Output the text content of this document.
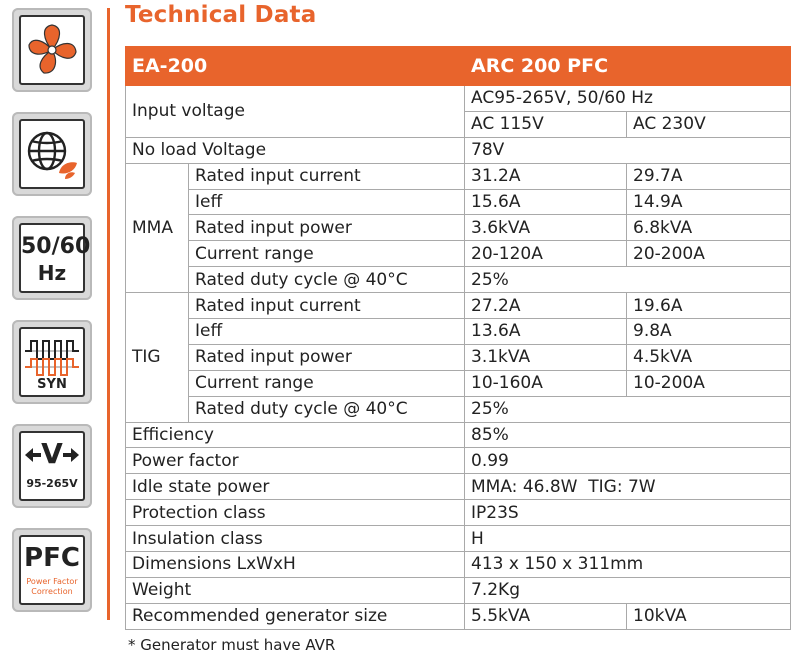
50/60
Hz
SYN
V
95-265V
PFC
Power Factor
Correction
Technical Data
EA-200		ARC 200 PFC	
Input voltage		AC95-265V, 50/60 Hz	
		AC 115V	AC 230V
No load Voltage		78V	
MMA	Rated input current	31.2A	29.7A
	Ieff	15.6A	14.9A
	Rated input power	3.6kVA	6.8kVA
	Current range	20-120A	20-200A
	Rated duty cycle @ 40°C	25%	
TIG	Rated input current	27.2A	19.6A
	Ieff	13.6A	9.8A
	Rated input power	3.1kVA	4.5kVA
	Current range	10-160A	10-200A
	Rated duty cycle @ 40°C	25%	
Efficiency		85%	
Power factor		0.99	
Idle state power		MMA: 46.8W  TIG: 7W	
Protection class		IP23S	
Insulation class		H	
Dimensions LxWxH		413 x 150 x 311mm	
Weight		7.2Kg	
Recommended generator size		5.5kVA	10kVA
* Generator must have AVR
